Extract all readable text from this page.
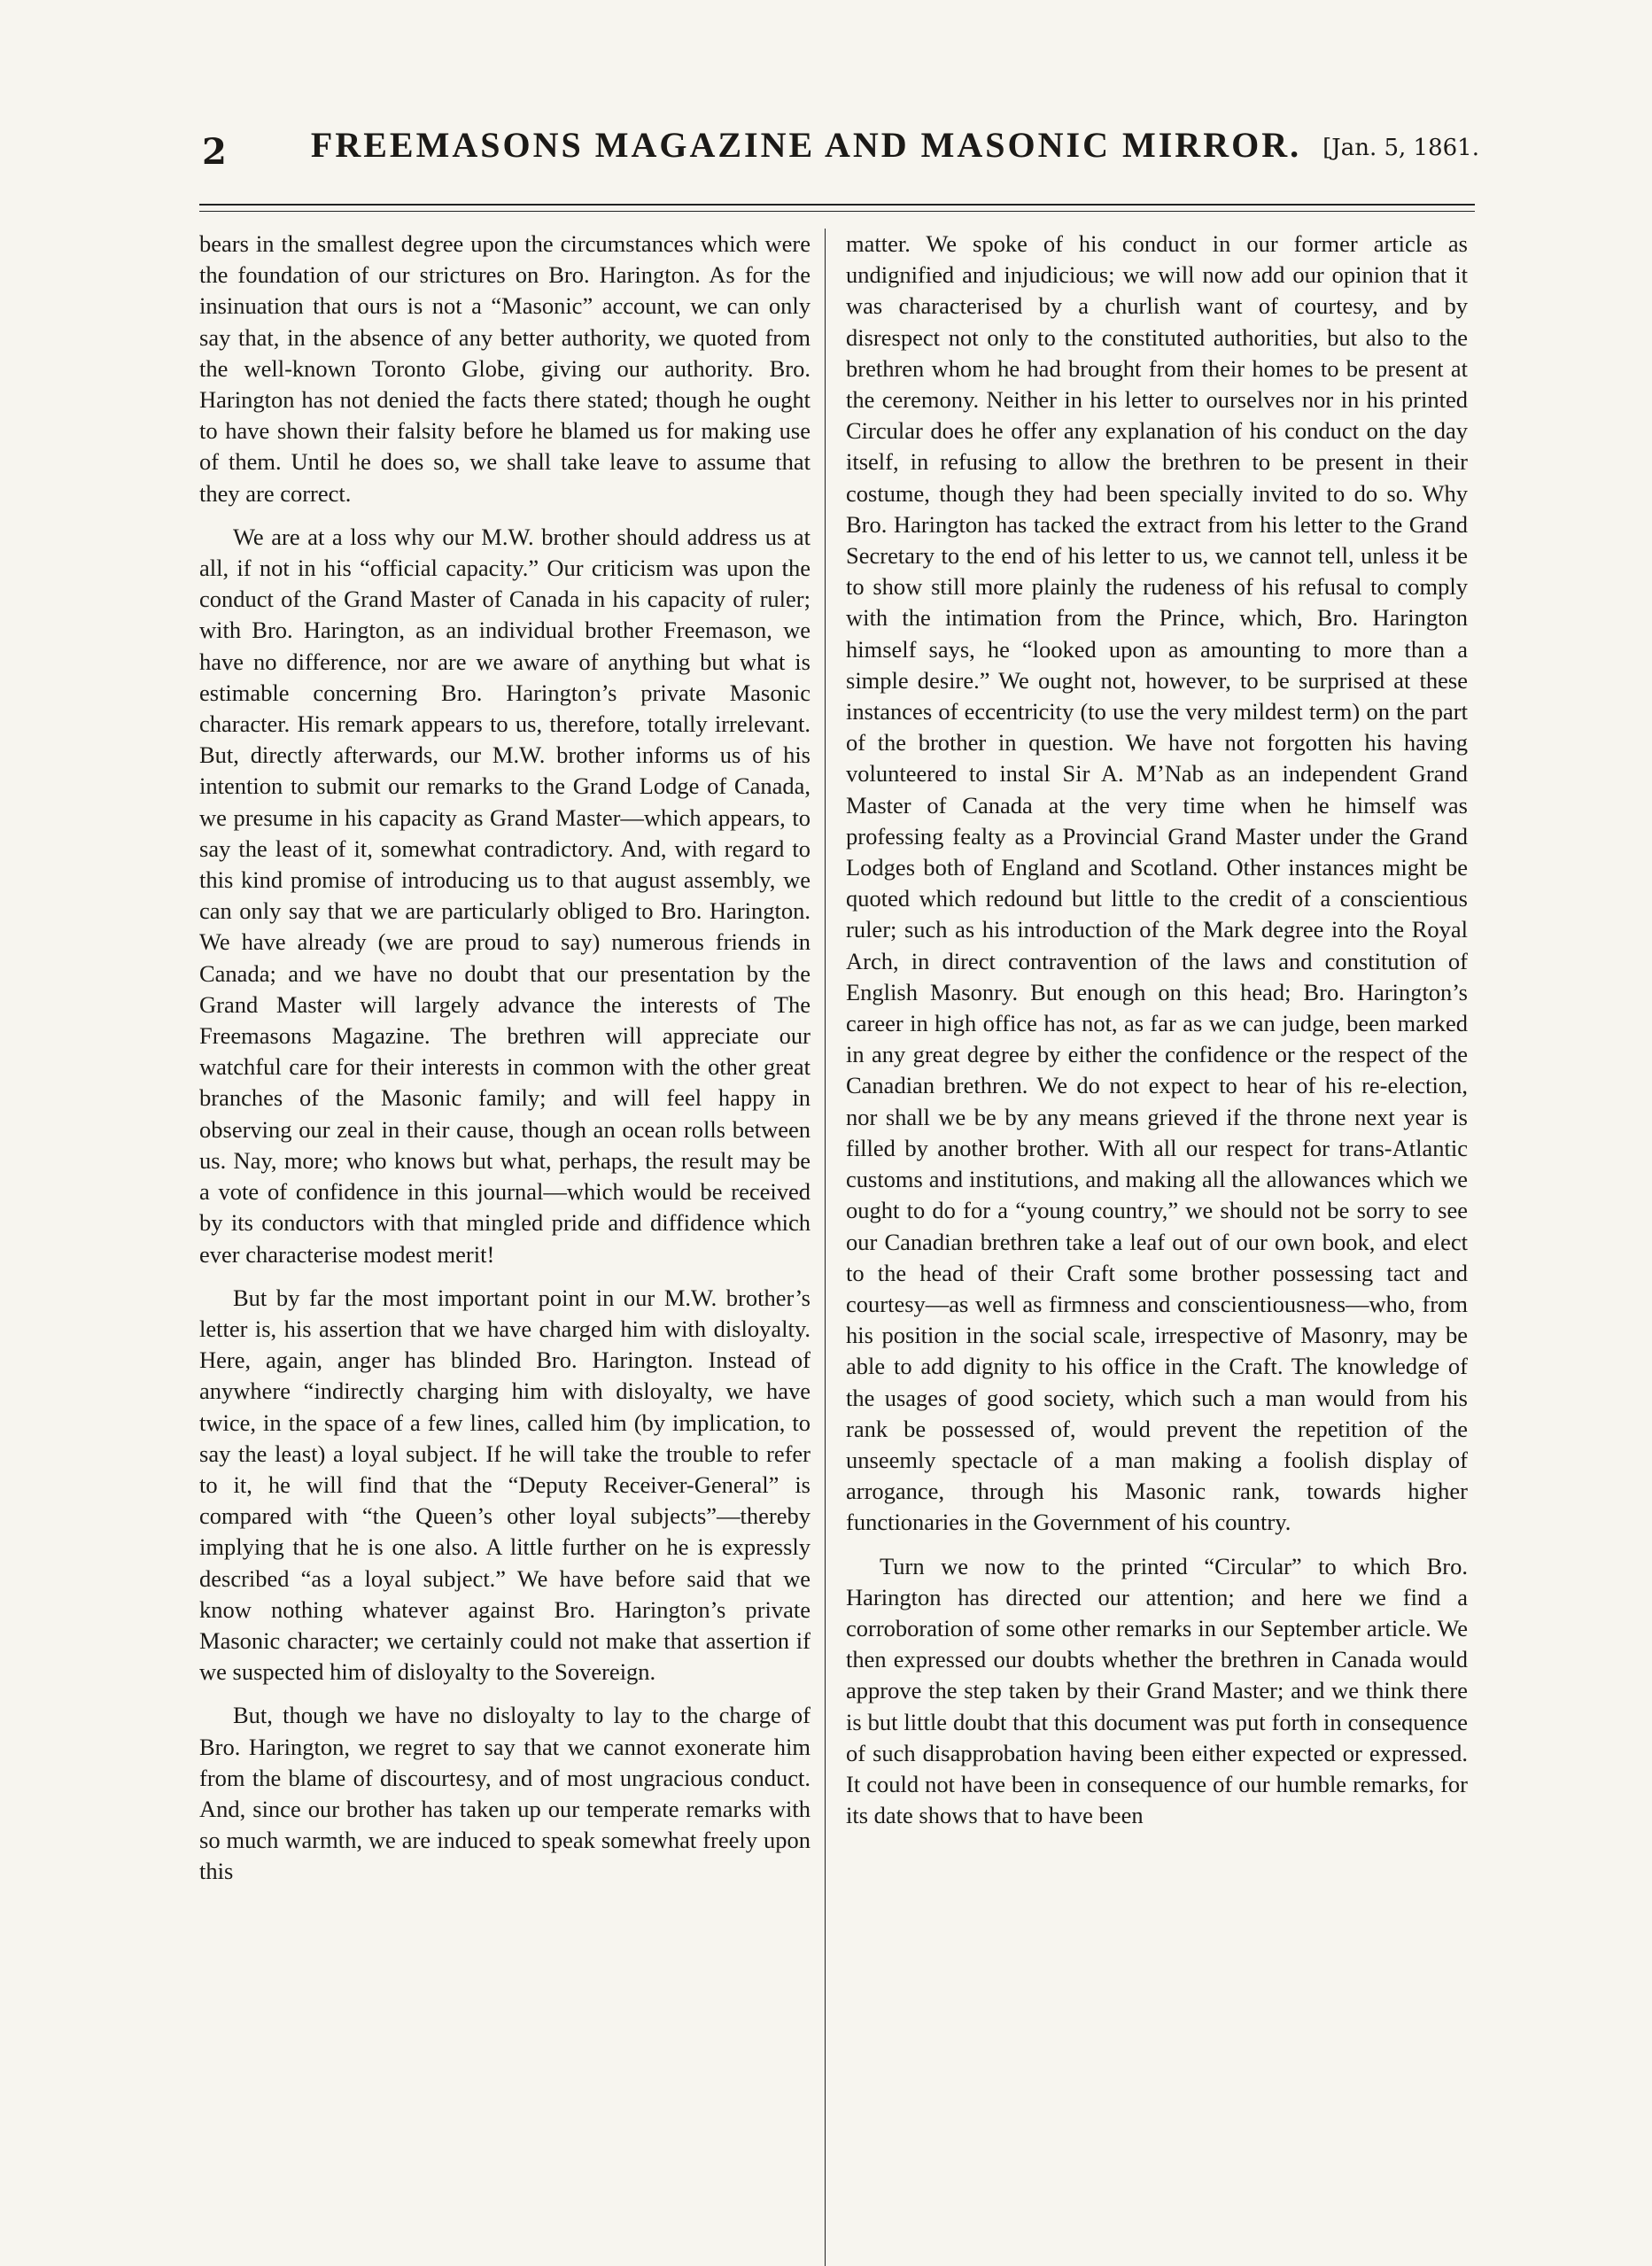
2	FREEMASONS MAGAZINE AND MASONIC MIRROR. [Jan. 5, 1861.

bears in the smallest degree upon the circumstances which were the foundation of our strictures on Bro. Harington. As for the insinuation that ours is not a “Masonic” account, we can only say that, in the absence of any better authority, we quoted from the well-known Toronto Globe, giving our authority. Bro. Harington has not denied the facts there stated; though he ought to have shown their falsity before he blamed us for making use of them. Until he does so, we shall take leave to assume that they are correct.

We are at a loss why our M.W. brother should address us at all, if not in his “official capacity.” Our criticism was upon the conduct of the Grand Master of Canada in his capacity of ruler; with Bro. Harington, as an individual brother Freemason, we have no difference, nor are we aware of anything but what is estimable concerning Bro. Harington’s private Masonic character. His remark appears to us, therefore, totally irrelevant. But, directly afterwards, our M.W. brother informs us of his intention to submit our remarks to the Grand Lodge of Canada, we presume in his capacity as Grand Master—which appears, to say the least of it, somewhat contradictory. And, with regard to this kind promise of introducing us to that august assembly, we can only say that we are particularly obliged to Bro. Harington. We have already (we are proud to say) numerous friends in Canada; and we have no doubt that our presentation by the Grand Master will largely advance the interests of The Freemasons Magazine. The brethren will appreciate our watchful care for their interests in common with the other great branches of the Masonic family; and will feel happy in observing our zeal in their cause, though an ocean rolls between us. Nay, more; who knows but what, perhaps, the result may be a vote of confidence in this journal—which would be received by its conductors with that mingled pride and diffidence which ever characterise modest merit!

But by far the most important point in our M.W. brother’s letter is, his assertion that we have charged him with disloyalty. Here, again, anger has blinded Bro. Harington. Instead of anywhere “indirectly charging him with disloyalty, we have twice, in the space of a few lines, called him (by implication, to say the least) a loyal subject. If he will take the trouble to refer to it, he will find that the “Deputy Receiver-General” is compared with “the Queen’s other loyal subjects”—thereby implying that he is one also. A little further on he is expressly described “as a loyal subject.” We have before said that we know nothing whatever against Bro. Harington’s private Masonic character; we certainly could not make that assertion if we suspected him of disloyalty to the Sovereign.

But, though we have no disloyalty to lay to the charge of Bro. Harington, we regret to say that we cannot exonerate him from the blame of discourtesy, and of most ungracious conduct. And, since our brother has taken up our temperate remarks with so much warmth, we are induced to speak somewhat freely upon this

matter. We spoke of his conduct in our former article as undignified and injudicious; we will now add our opinion that it was characterised by a churlish want of courtesy, and by disrespect not only to the constituted authorities, but also to the brethren whom he had brought from their homes to be present at the ceremony. Neither in his letter to ourselves nor in his printed Circular does he offer any explanation of his conduct on the day itself, in refusing to allow the brethren to be present in their costume, though they had been specially invited to do so. Why Bro. Harington has tacked the extract from his letter to the Grand Secretary to the end of his letter to us, we cannot tell, unless it be to show still more plainly the rudeness of his refusal to comply with the intimation from the Prince, which, Bro. Harington himself says, he “looked upon as amounting to more than a simple desire.” We ought not, however, to be surprised at these instances of eccentricity (to use the very mildest term) on the part of the brother in question. We have not forgotten his having volunteered to instal Sir A. M’Nab as an independent Grand Master of Canada at the very time when he himself was professing fealty as a Provincial Grand Master under the Grand Lodges both of England and Scotland. Other instances might be quoted which redound but little to the credit of a conscientious ruler; such as his introduction of the Mark degree into the Royal Arch, in direct contravention of the laws and constitution of English Masonry. But enough on this head; Bro. Harington’s career in high office has not, as far as we can judge, been marked in any great degree by either the confidence or the respect of the Canadian brethren. We do not expect to hear of his re-election, nor shall we be by any means grieved if the throne next year is filled by another brother. With all our respect for trans-Atlantic customs and institutions, and making all the allowances which we ought to do for a “young country,” we should not be sorry to see our Canadian brethren take a leaf out of our own book, and elect to the head of their Craft some brother possessing tact and courtesy—as well as firmness and conscientiousness—who, from his position in the social scale, irrespective of Masonry, may be able to add dignity to his office in the Craft. The knowledge of the usages of good society, which such a man would from his rank be possessed of, would prevent the repetition of the unseemly spectacle of a man making a foolish display of arrogance, through his Masonic rank, towards higher functionaries in the Government of his country.

Turn we now to the printed “Circular” to which Bro. Harington has directed our attention; and here we find a corroboration of some other remarks in our September article. We then expressed our doubts whether the brethren in Canada would approve the step taken by their Grand Master; and we think there is but little doubt that this document was put forth in consequence of such disapprobation having been either expected or expressed. It could not have been in consequence of our humble remarks, for its date shows that to have been
